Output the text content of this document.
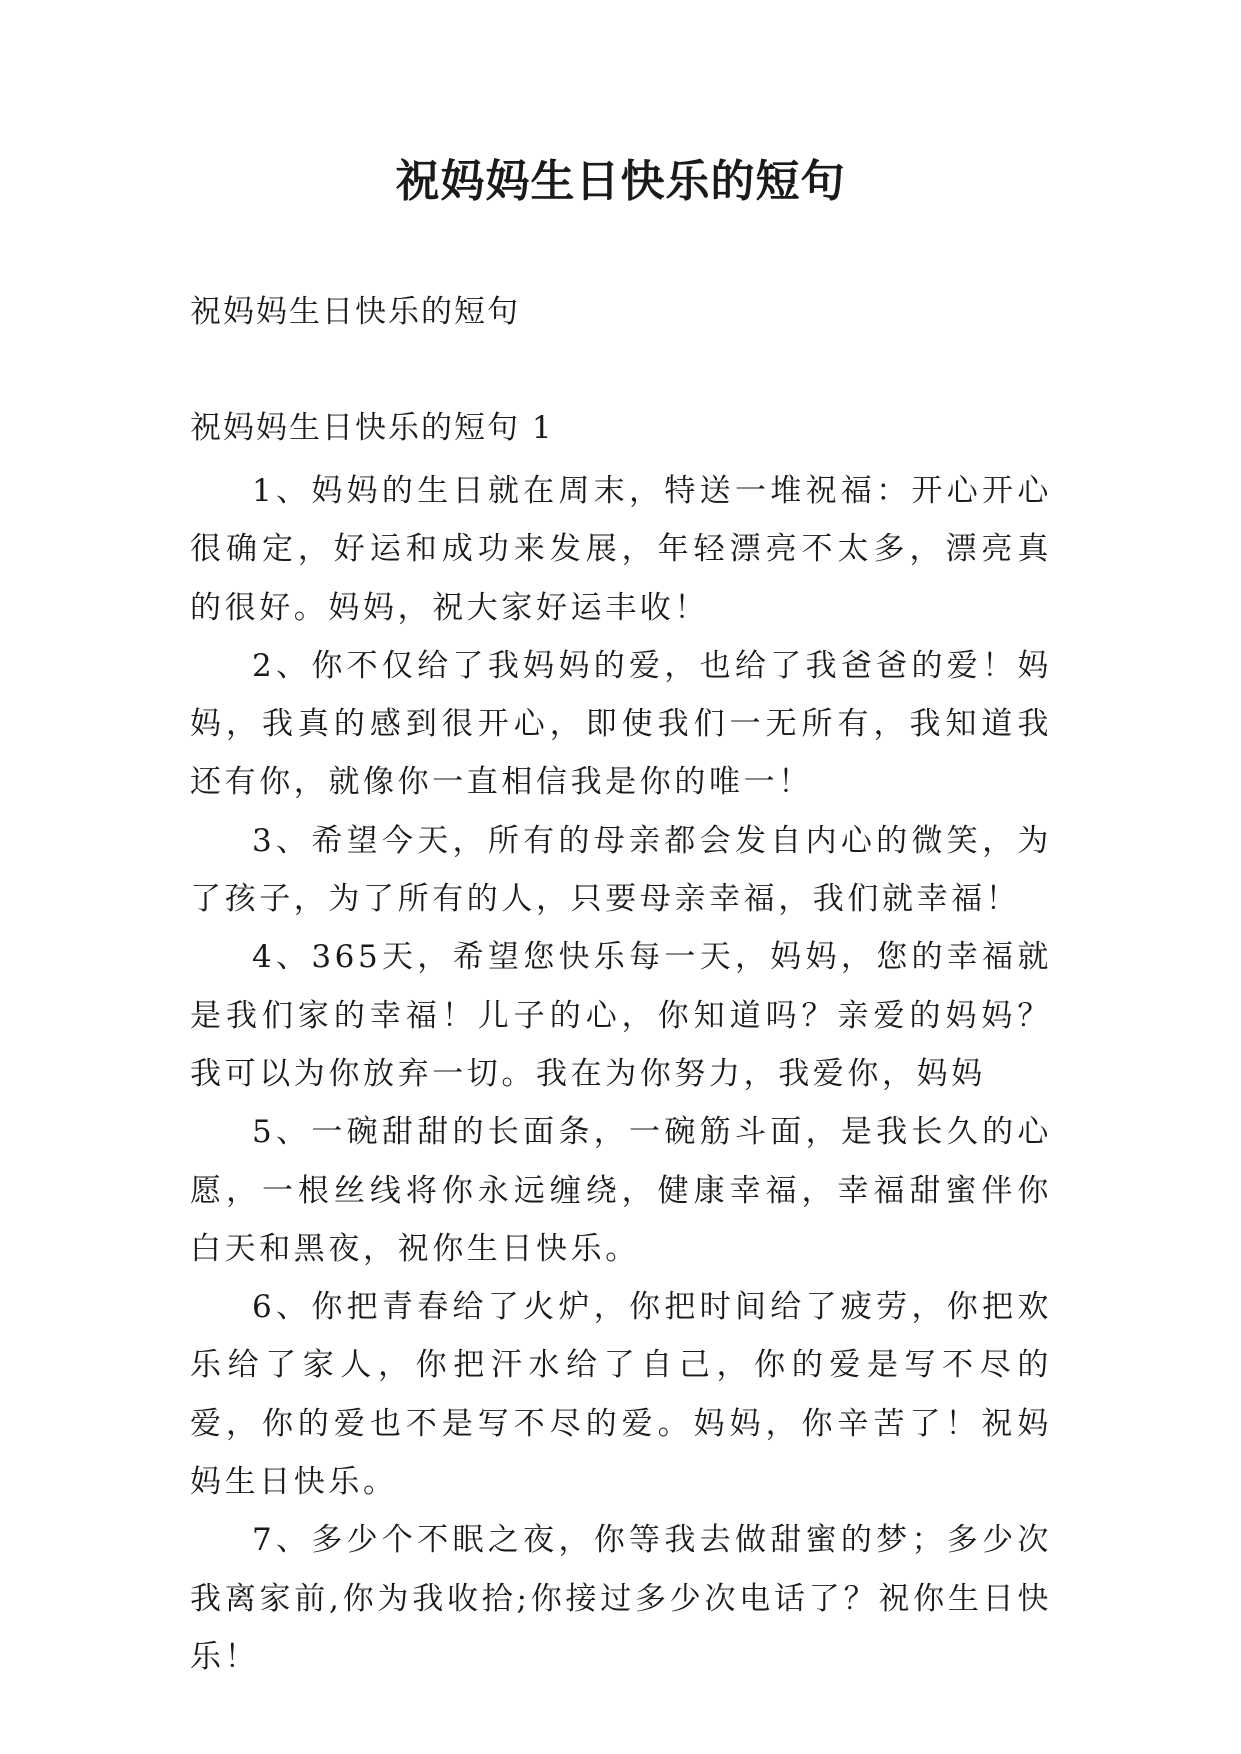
祝妈妈生日快乐的短句
祝妈妈生日快乐的短句
祝妈妈生日快乐的短句 1

1、妈妈的生日就在周末，特送一堆祝福：开心开心很确定，好运和成功来发展，年轻漂亮不太多，漂亮真的很好。妈妈，祝大家好运丰收！

2、你不仅给了我妈妈的爱，也给了我爸爸的爱！妈妈，我真的感到很开心，即使我们一无所有，我知道我还有你，就像你一直相信我是你的唯一！

3、希望今天，所有的母亲都会发自内心的微笑，为了孩子，为了所有的人，只要母亲幸福，我们就幸福！

4、365天，希望您快乐每一天，妈妈，您的幸福就是我们家的幸福！儿子的心，你知道吗？亲爱的妈妈？我可以为你放弃一切。我在为你努力，我爱你，妈妈

5、一碗甜甜的长面条，一碗筋斗面，是我长久的心愿，一根丝线将你永远缠绕，健康幸福，幸福甜蜜伴你白天和黑夜，祝你生日快乐。

6、你把青春给了火炉，你把时间给了疲劳，你把欢乐给了家人，你把汗水给了自己，你的爱是写不尽的爱，你的爱也不是写不尽的爱。妈妈，你辛苦了！祝妈妈生日快乐。

7、多少个不眠之夜，你等我去做甜蜜的梦；多少次我离家前,你为我收拾;你接过多少次电话了？祝你生日快乐！
